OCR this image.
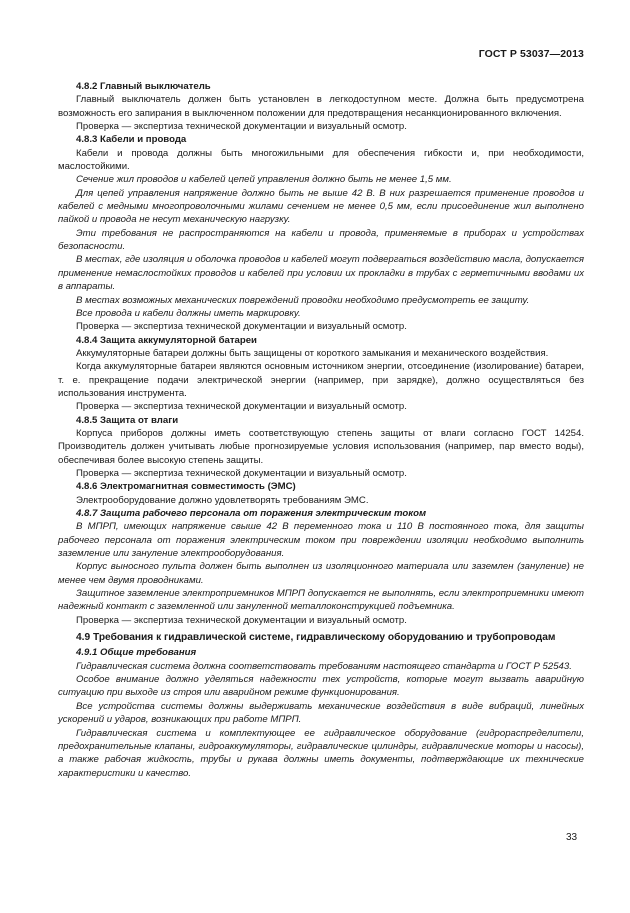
ГОСТ Р 53037—2013

4.8.2 Главный выключатель

Главный выключатель должен быть установлен в легкодоступном месте. Должна быть предусмотрена возможность его запирания в выключенном положении для предотвращения несанкционированного включения.

Проверка — экспертиза технической документации и визуальный осмотр.

4.8.3 Кабели и провода

Кабели и провода должны быть многожильными для обеспечения гибкости и, при необходимости, маслостойкими.

Сечение жил проводов и кабелей цепей управления должно быть не менее 1,5 мм.

Для цепей управления напряжение должно быть не выше 42 В. В них разрешается применение проводов и кабелей с медными многопроволочными жилами сечением не менее 0,5 мм, если присоединение жил выполнено пайкой и провода не несут механическую нагрузку.

Эти требования не распространяются на кабели и провода, применяемые в приборах и устройствах безопасности.

В местах, где изоляция и оболочка проводов и кабелей могут подвергаться воздействию масла, допускается применение немаслостойких проводов и кабелей при условии их прокладки в трубах с герметичными вводами их в аппараты.

В местах возможных механических повреждений проводки необходимо предусмотреть ее защиту.

Все провода и кабели должны иметь маркировку.

Проверка — экспертиза технической документации и визуальный осмотр.

4.8.4 Защита аккумуляторной батареи

Аккумуляторные батареи должны быть защищены от короткого замыкания и механического воздействия.

Когда аккумуляторные батареи являются основным источником энергии, отсоединение (изолирование) батареи, т. е. прекращение подачи электрической энергии (например, при зарядке), должно осуществляться без использования инструмента.

Проверка — экспертиза технической документации и визуальный осмотр.

4.8.5 Защита от влаги

Корпуса приборов должны иметь соответствующую степень защиты от влаги согласно ГОСТ 14254. Производитель должен учитывать любые прогнозируемые условия использования (например, пар вместо воды), обеспечивая более высокую степень защиты.

Проверка — экспертиза технической документации и визуальный осмотр.

4.8.6 Электромагнитная совместимость (ЭМС)

Электрооборудование должно удовлетворять требованиям ЭМС.

4.8.7 Защита рабочего персонала от поражения электрическим током

В МПРП, имеющих напряжение свыше 42 В переменного тока и 110 В постоянного тока, для защиты рабочего персонала от поражения электрическим током при повреждении изоляции необходимо выполнить заземление или зануление электрооборудования.

Корпус выносного пульта должен быть выполнен из изоляционного материала или заземлен (зануление) не менее чем двумя проводниками.

Защитное заземление электроприемников МПРП допускается не выполнять, если электроприемники имеют надежный контакт с заземленной или зануленной металлоконструкцией подъемника.

Проверка — экспертиза технической документации и визуальный осмотр.

4.9 Требования к гидравлической системе, гидравлическому оборудованию и трубопроводам

4.9.1 Общие требования

Гидравлическая система должна соответствовать требованиям настоящего стандарта и ГОСТ Р 52543.

Особое внимание должно уделяться надежности тех устройств, которые могут вызвать аварийную ситуацию при выходе из строя или аварийном режиме функционирования.

Все устройства системы должны выдерживать механические воздействия в виде вибраций, линейных ускорений и ударов, возникающих при работе МПРП.

Гидравлическая система и комплектующее ее гидравлическое оборудование (гидрораспределители, предохранительные клапаны, гидроаккумуляторы, гидравлические цилиндры, гидравлические моторы и насосы), а также рабочая жидкость, трубы и рукава должны иметь документы, подтверждающие их технические характеристики и качество.

33
